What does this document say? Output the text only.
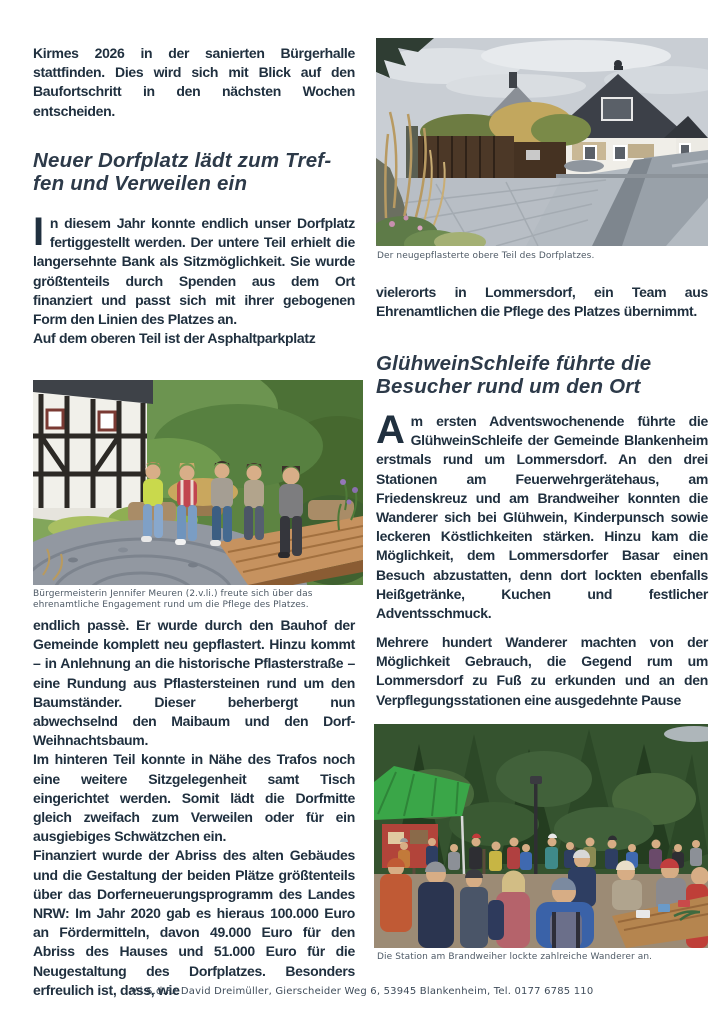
Kirmes 2026 in der sanierten Bürgerhalle stattfinden. Dies wird sich mit Blick auf den Baufortschritt in den nächsten Wochen entscheiden.

Neuer Dorfplatz lädt zum Tref-
fen und Verweilen ein

In diesem Jahr konnte endlich unser Dorfplatz fertiggestellt werden. Der untere Teil erhielt die langersehnte Bank als Sitzmöglichkeit. Sie wurde größtenteils durch Spenden aus dem Ort finanziert und passt sich mit ihrer gebogenen Form den Linien des Platzes an.

Auf dem oberen Teil ist der Asphaltparkplatz

Bürgermeisterin Jennifer Meuren (2.v.li.) freute sich über das ehrenamtliche Engagement rund um die Pflege des Platzes.

endlich passè. Er wurde durch den Bauhof der Gemeinde komplett neu gepflastert. Hinzu kommt – in Anlehnung an die historische Pflasterstraße – eine Rundung aus Pflastersteinen rund um den Baumständer. Dieser beherbergt nun abwechselnd den Maibaum und den Dorf-Weihnachtsbaum.

Im hinteren Teil konnte in Nähe des Trafos noch eine weitere Sitzgelegenheit samt Tisch eingerichtet werden. Somit lädt die Dorfmitte gleich zweifach zum Verweilen oder für ein ausgiebiges Schwätzchen ein.

Finanziert wurde der Abriss des alten Gebäudes und die Gestaltung der beiden Plätze größtenteils über das Dorferneuerungsprogramm des Landes NRW: Im Jahr 2020 gab es hieraus 100.000 Euro an Fördermitteln, davon 49.000 Euro für den Abriss des Hauses und 51.000 Euro für die Neugestaltung des Dorfplatzes. Besonders erfreulich ist, dass, wie

Der neugepflasterte obere Teil des Dorfplatzes.

vielerorts in Lommersdorf, ein Team aus Ehrenamtlichen die Pflege des Platzes übernimmt.

GlühweinSchleife führte die
Besucher rund um den Ort

Am ersten Adventswochenende führte die GlühweinSchleife der Gemeinde Blankenheim erstmals rund um Lommersdorf. An den drei Stationen am Feuerwehrgerätehaus, am Friedenskreuz und am Brandweiher konnten die Wanderer sich bei Glühwein, Kinderpunsch sowie leckeren Köstlichkeiten stärken. Hinzu kam die Möglichkeit, dem Lommersdorfer Basar einen Besuch abzustatten, denn dort lockten ebenfalls Heißgetränke, Kuchen und festlicher Adventsschmuck.

Mehrere hundert Wanderer machten von der Möglichkeit Gebrauch, die Gegend rum um Lommersdorf zu Fuß zu erkunden und an den Verpflegungsstationen eine ausgedehnte Pause

Die Station am Brandweiher lockte zahlreiche Wanderer an.
V.i.S.d.P.: David Dreimüller, Gierscheider Weg 6, 53945 Blankenheim, Tel. 0177 6785 110
